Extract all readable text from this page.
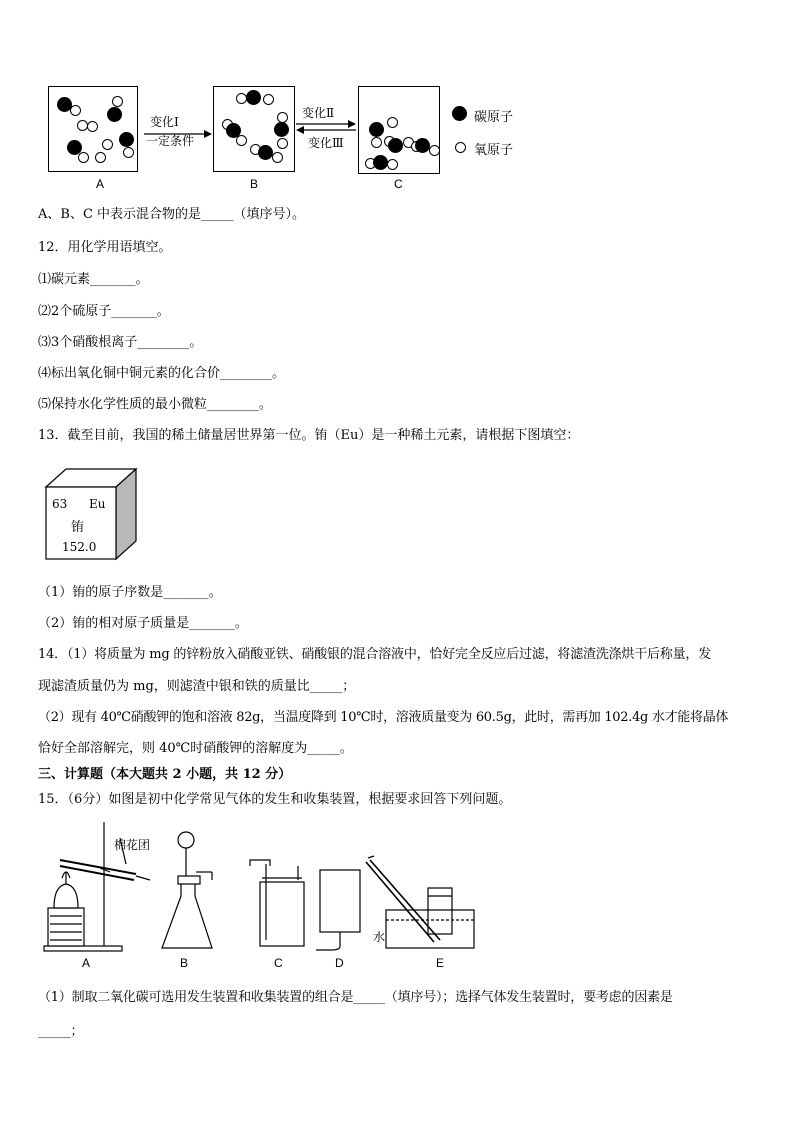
A
变化Ⅰ
一定条件
B
变化Ⅱ
变化Ⅲ
C
碳原子
氧原子
A、B、C 中表示混合物的是_____（填序号）。
12．用化学用语填空。
⑴碳元素_______。
⑵2个硫原子_______。
⑶3个硝酸根离子________。
⑷标出氧化铜中铜元素的化合价________。
⑸保持水化学性质的最小微粒________。
13．截至目前，我国的稀土储量居世界第一位。铕（Eu）是一种稀土元素，请根据下图填空：
63 Eu
铕
152.0
（1）铕的原子序数是_______。
（2）铕的相对原子质量是_______。
14．（1）将质量为 mg 的锌粉放入硝酸亚铁、硝酸银的混合溶液中，恰好完全反应后过滤，将滤渣洗涤烘干后称量，发
现滤渣质量仍为 mg，则滤渣中银和铁的质量比_____；
（2）现有 40℃硝酸钾的饱和溶液 82g，当温度降到 10℃时，溶液质量变为 60.5g，此时，需再加 102.4g 水才能将晶体
恰好全部溶解完，则 40℃时硝酸钾的溶解度为_____。
三、计算题（本大题共 2 小题，共 12 分）
15．（6分）如图是初中化学常见气体的发生和收集装置，根据要求回答下列问题。
棉花团
水
A	B	C	D	E
（1）制取二氧化碳可选用发生装置和收集装置的组合是_____（填序号）；选择气体发生装置时，要考虑的因素是
_____；
